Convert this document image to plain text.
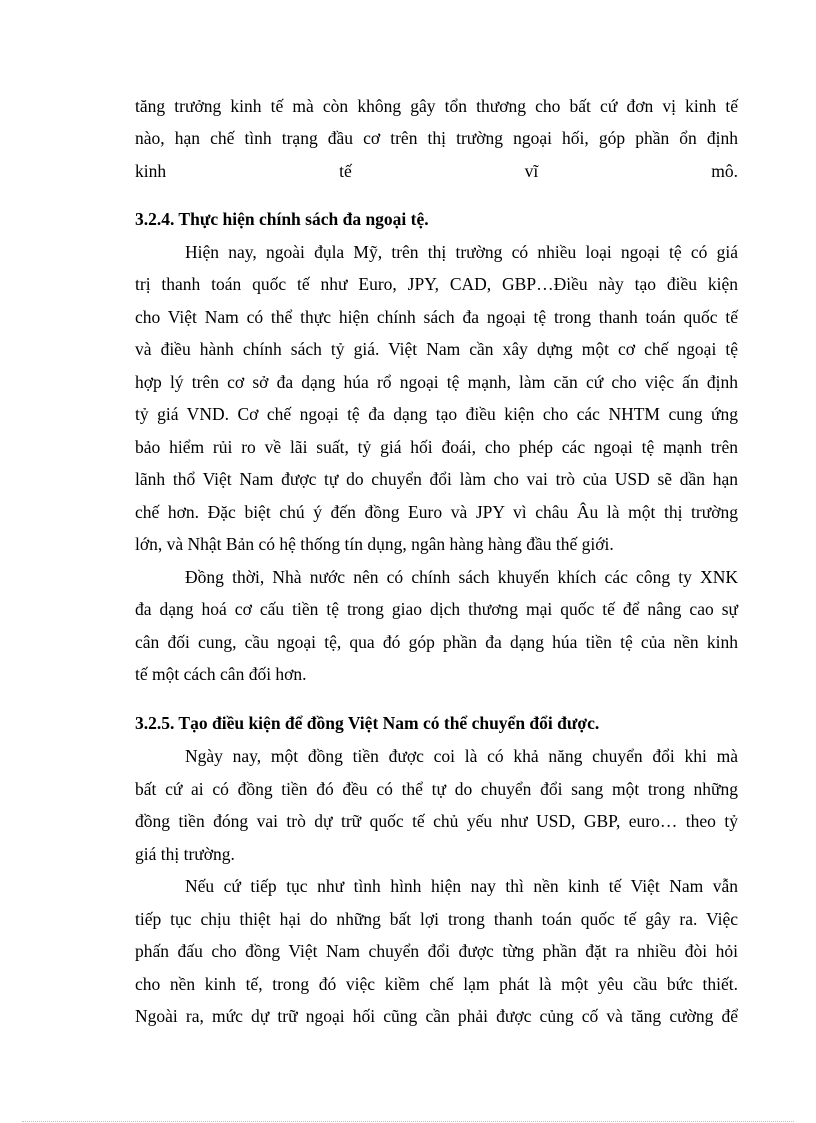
tăng trưởng kinh tế mà còn không gây tổn thương cho bất cứ đơn vị kinh tế
nào, hạn chế tình trạng đầu cơ trên thị trường ngoại hối, góp phần ổn định
kinh tế vĩ mô.
3.2.4. Thực hiện chính sách đa ngoại tệ.
Hiện nay, ngoài đụla Mỹ, trên thị trường có nhiều loại ngoại tệ có giá
trị thanh toán quốc tế như Euro, JPY, CAD, GBP…Điều này tạo điều kiện
cho Việt Nam có thể thực hiện chính sách đa ngoại tệ trong thanh toán quốc tế
và điều hành chính sách tỷ giá. Việt Nam cần xây dựng một cơ chế ngoại tệ
hợp lý trên cơ sở đa dạng húa rổ ngoại tệ mạnh, làm căn cứ cho việc ấn định
tỷ giá VND. Cơ chế ngoại tệ đa dạng tạo điều kiện cho các NHTM cung ứng
bảo hiểm rủi ro về lãi suất, tỷ giá hối đoái, cho phép các ngoại tệ mạnh trên
lãnh thổ Việt Nam được tự do chuyển đổi làm cho vai trò của USD sẽ dần hạn
chế hơn. Đặc biệt chú ý đến đồng Euro và JPY vì châu Âu là một thị trường
lớn, và Nhật Bản có hệ thống tín dụng, ngân hàng hàng đầu thế giới.
Đồng thời, Nhà nước nên có chính sách khuyến khích các công ty XNK
đa dạng hoá cơ cấu tiền tệ trong giao dịch thương mại quốc tế để nâng cao sự
cân đối cung, cầu ngoại tệ, qua đó góp phần đa dạng húa tiền tệ của nền kinh
tế một cách cân đối hơn.
3.2.5. Tạo điều kiện để đồng Việt Nam có thể chuyển đổi được.
Ngày nay, một đồng tiền được coi là có khả năng chuyển đổi khi mà
bất cứ ai có đồng tiền đó đều có thể tự do chuyển đổi sang một trong những
đồng tiền đóng vai trò dự trữ quốc tế chủ yếu như USD, GBP, euro… theo tỷ
giá thị trường.
Nếu cứ tiếp tục như tình hình hiện nay thì nền kinh tế Việt Nam vẫn
tiếp tục chịu thiệt hại do những bất lợi trong thanh toán quốc tế gây ra. Việc
phấn đấu cho đồng Việt Nam chuyển đổi được từng phần đặt ra nhiều đòi hỏi
cho nền kinh tế, trong đó việc kiềm chế lạm phát là một yêu cầu bức thiết.
Ngoài ra, mức dự trữ ngoại hối cũng cần phải được củng cố và tăng cường để
